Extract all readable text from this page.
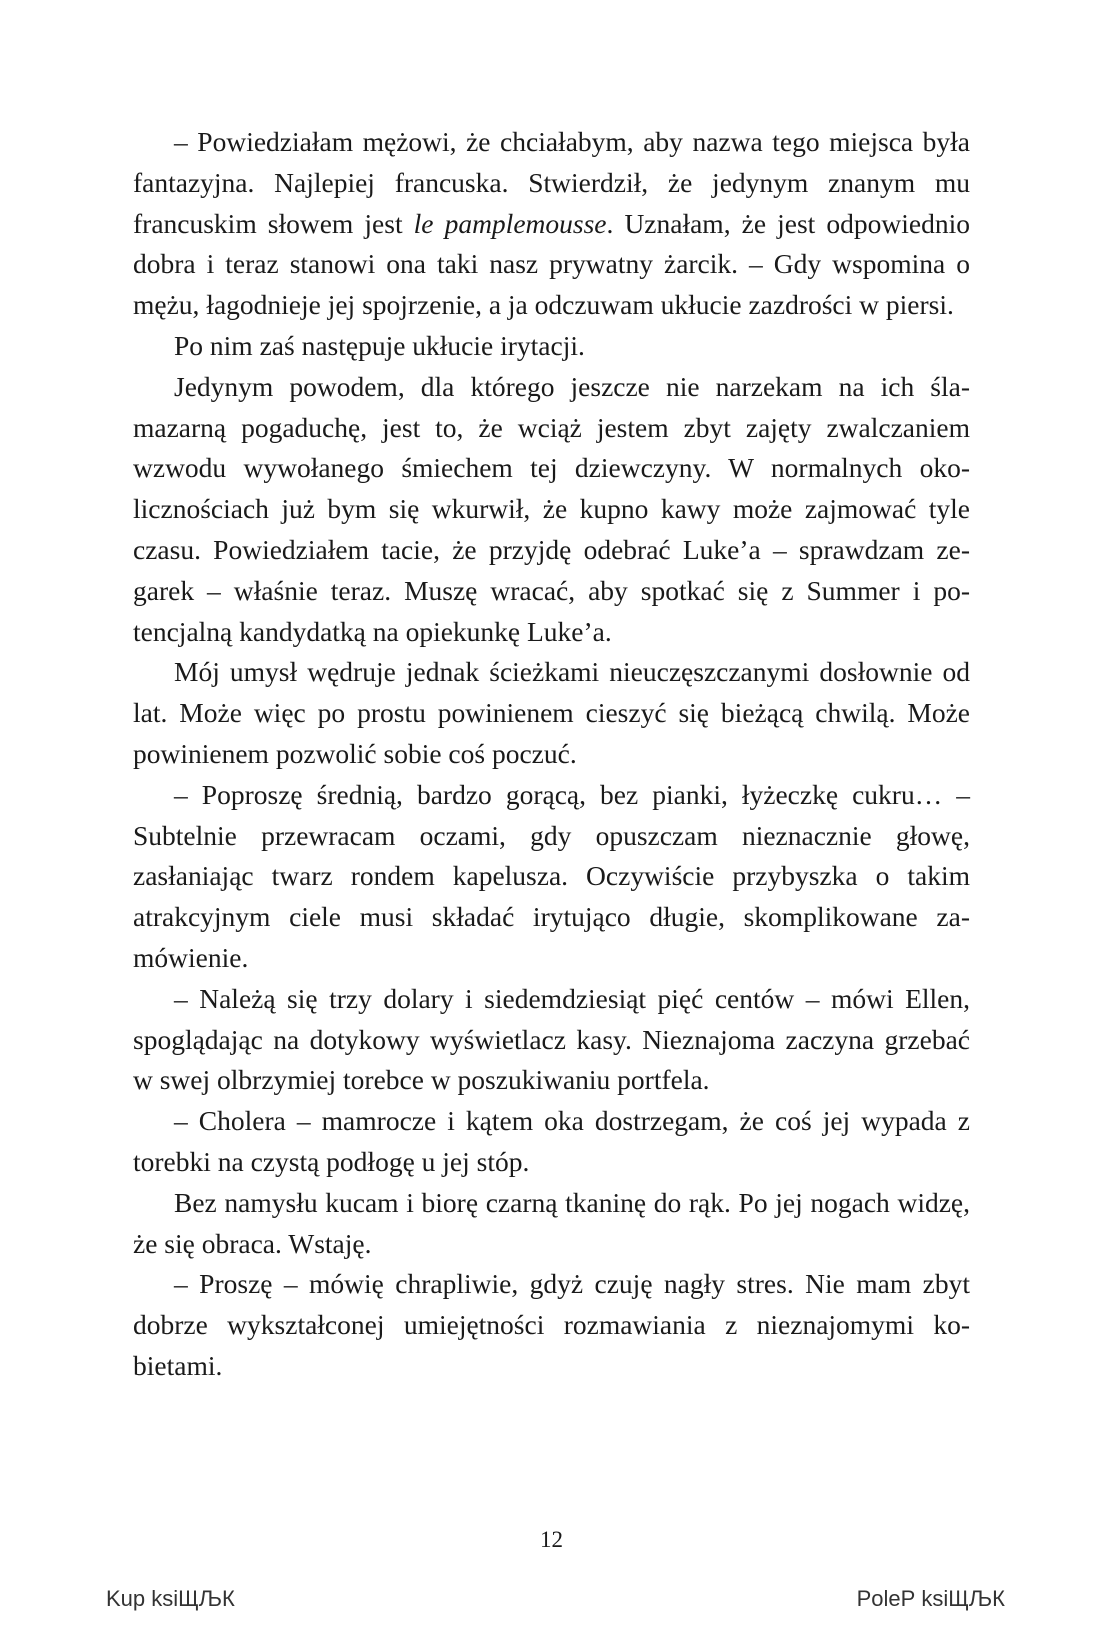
– Powiedziałam mężowi, że chciałabym, aby nazwa tego miejsca była fantazyjna. Najlepiej francuska. Stwierdził, że jedynym znanym mu francuskim słowem jest le pamplemousse. Uznałam, że jest odpowiednio dobra i teraz stanowi ona taki nasz prywatny żarcik. – Gdy wspomina o mężu, łagodnieje jej spojrzenie, a ja odczuwam ukłucie zazdrości w piersi.

Po nim zaś następuje ukłucie irytacji.

Jedynym powodem, dla którego jeszcze nie narzekam na ich ślamazarną pogaduchę, jest to, że wciąż jestem zbyt zajęty zwalczaniem wzwodu wywołanego śmiechem tej dziewczyny. W normalnych okolicznościach już bym się wkurwił, że kupno kawy może zajmować tyle czasu. Powiedziałem tacie, że przyjdę odebrać Luke’a – sprawdzam zegarek – właśnie teraz. Muszę wracać, aby spotkać się z Summer i potencjalną kandydatką na opiekunkę Luke’a.

Mój umysł wędruje jednak ścieżkami nieuczęszczanymi dosłownie od lat. Może więc po prostu powinienem cieszyć się bieżącą chwilą. Może powinienem pozwolić sobie coś poczuć.

– Poproszę średnią, bardzo gorącą, bez pianki, łyżeczkę cukru… – Subtelnie przewracam oczami, gdy opuszczam nieznacznie głowę, zasłaniając twarz rondem kapelusza. Oczywiście przybyszka o takim atrakcyjnym ciele musi składać irytująco długie, skomplikowane zamówienie.

– Należą się trzy dolary i siedemdziesiąt pięć centów – mówi Ellen, spoglądając na dotykowy wyświetlacz kasy. Nieznajoma zaczyna grzebać w swej olbrzymiej torebce w poszukiwaniu portfela.

– Cholera – mamrocze i kątem oka dostrzegam, że coś jej wypada z torebki na czystą podłogę u jej stóp.

Bez namysłu kucam i biorę czarną tkaninę do rąk. Po jej nogach widzę, że się obraca. Wstaję.

– Proszę – mówię chrapliwie, gdyż czuję nagły stres. Nie mam zbyt dobrze wykształconej umiejętności rozmawiania z nieznajomymi kobietami.

12
Kup ksiЩЉК	PoleР ksiЩЉК
